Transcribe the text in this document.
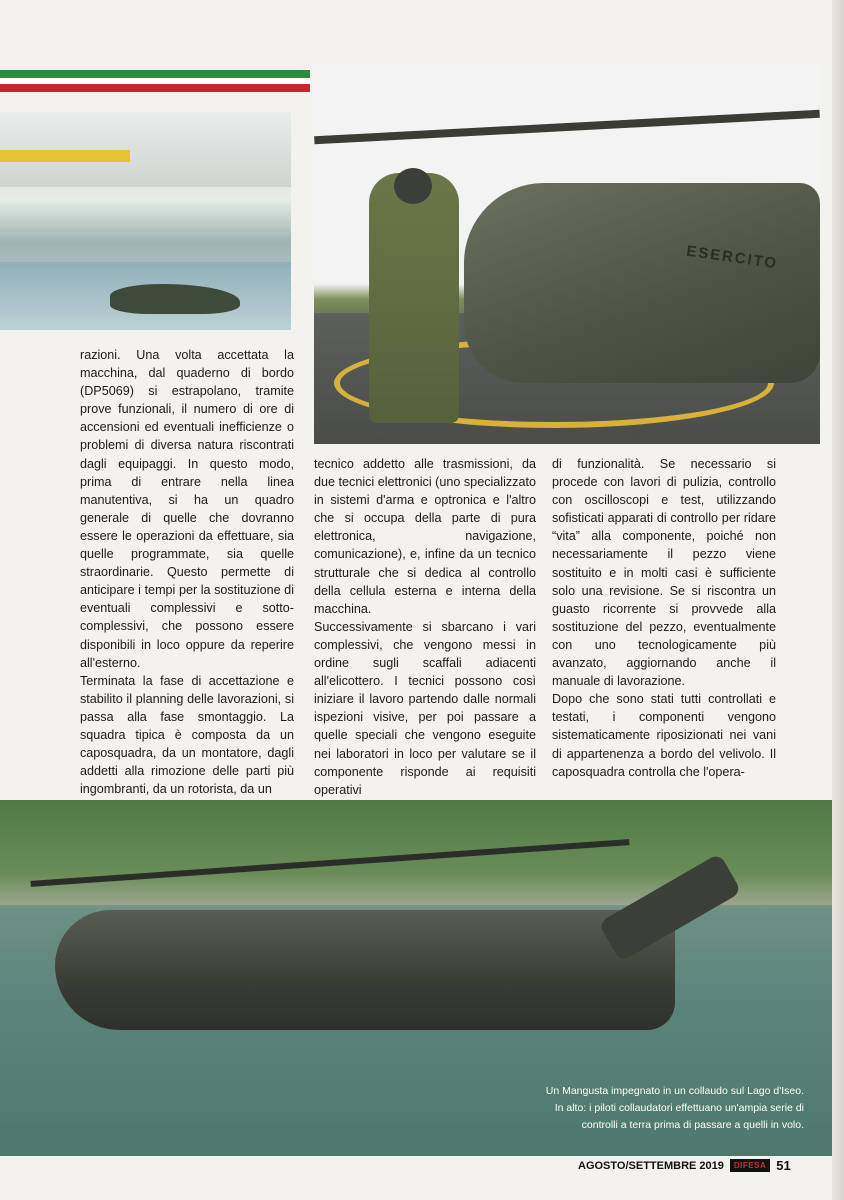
ESERCITO

razioni. Una volta accettata la macchina, dal quaderno di bordo (DP5069) si estrapolano, tramite prove funzionali, il numero di ore di accensioni ed eventuali inefficienze o problemi di diversa natura riscontrati dagli equipaggi. In questo modo, prima di entrare nella linea manutentiva, si ha un quadro generale di quelle che dovranno essere le operazioni da effettuare, sia quelle programmate, sia quelle straordinarie. Questo permette di anticipare i tempi per la sostituzione di eventuali complessivi e sotto-complessivi, che possono essere disponibili in loco oppure da reperire all'esterno.

Terminata la fase di accettazione e stabilito il planning delle lavorazioni, si passa alla fase smontaggio. La squadra tipica è composta da un caposquadra, da un montatore, dagli addetti alla rimozione delle parti più ingombranti, da un rotorista, da un

tecnico addetto alle trasmissioni, da due tecnici elettronici (uno specializzato in sistemi d'arma e optronica e l'altro che si occupa della parte di pura elettronica, navigazione, comunicazione), e, infine da un tecnico strutturale che si dedica al controllo della cellula esterna e interna della macchina.

Successivamente si sbarcano i vari complessivi, che vengono messi in ordine sugli scaffali adiacenti all'elicottero. I tecnici possono così iniziare il lavoro partendo dalle normali ispezioni visive, per poi passare a quelle speciali che vengono eseguite nei laboratori in loco per valutare se il componente risponde ai requisiti operativi

di funzionalità. Se necessario si procede con lavori di pulizia, controllo con oscilloscopi e test, utilizzando sofisticati apparati di controllo per ridare “vita” alla componente, poiché non necessariamente il pezzo viene sostituito e in molti casi è sufficiente solo una revisione. Se si riscontra un guasto ricorrente si provvede alla sostituzione del pezzo, eventualmente con uno tecnologicamente più avanzato, aggiornando anche il manuale di lavorazione.

Dopo che sono stati tutti controllati e testati, i componenti vengono sistematicamente riposizionati nei vani di appartenenza a bordo del velivolo. Il caposquadra controlla che l'opera-

Un Mangusta impegnato in un collaudo sul Lago d'Iseo.
In alto: i piloti collaudatori effettuano un'ampia serie di
controlli a terra prima di passare a quelli in volo.
AGOSTO/SETTEMBRE 2019	DIFESA 51
